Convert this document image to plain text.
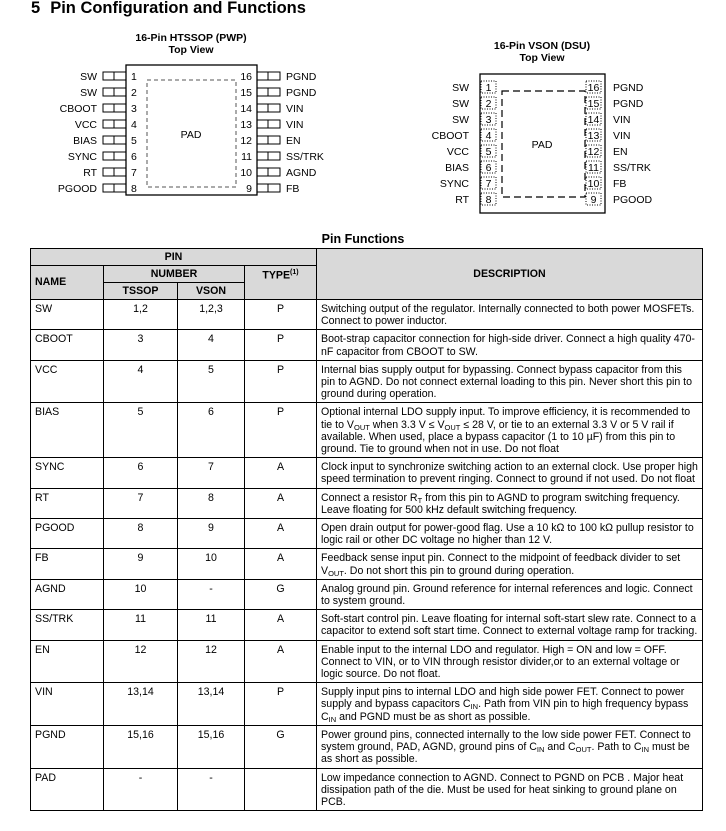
5 Pin Configuration and Functions
16-Pin HTSSOP (PWP)
Top View
PAD
1
SW
2
SW
3
CBOOT
4
VCC
5
BIAS
6
SYNC
7
RT
8
PGOOD
16	PGND
15	PGND
14	VIN
13	VIN
12	EN
11	SS/TRK
10	AGND
9	FB
16-Pin VSON (DSU)
Top View
PAD
1
SW
2
SW
3
SW
4
CBOOT
5
VCC
6
BIAS
7
SYNC
8
RT
16 PGND
15 PGND
14 VIN
13 VIN
12 EN
11 SS/TRK
10 FB
9 PGOOD
Pin Functions
PIN				DESCRIPTION
NAME	NUMBER		TYPE$^{(1)}$
	TSSOP	VSON		
SW	1,2	1,2,3	P	Switching output of the regulator. Internally connected to both power MOSFETs. Connect to power inductor.
CBOOT	3	4	P	Boot-strap capacitor connection for high-side driver. Connect a high quality 470-nF capacitor from CBOOT to SW.
VCC	4	5	P	Internal bias supply output for bypassing. Connect bypass capacitor from this pin to AGND. Do not connect external loading to this pin. Never short this pin to ground during operation.
BIAS	5	6	P	Optional internal LDO supply input. To improve efficiency, it is recommended to tie to $V_{OUT}$ when 3.3 $V \le V_{OUT} \le 28$ V, or tie to an external 3.3 V or 5 V rail if available. When used, place a bypass capacitor (1 to 10 µF) from this pin to ground. Tie to ground when not in use. Do not float
SYNC	6	7	A	Clock input to synchronize switching action to an external clock. Use proper high speed termination to prevent ringing. Connect to ground if not used. Do not float
RT	7	8	A	Connect a resistor $R_T$ from this pin to AGND to program switching frequency. Leave floating for 500 kHz default switching frequency.
PGOOD	8	9	A	Open drain output for power-good flag. Use a 10 kΩ to 100 kΩ pullup resistor to logic rail or other DC voltage no higher than 12 V.
FB	9	10	A	Feedback sense input pin. Connect to the midpoint of feedback divider to set $V_{OUT}$. Do not short this pin to ground during operation.
AGND	10	-	G	Analog ground pin. Ground reference for internal references and logic. Connect to system ground.
SS/TRK	11	11	A	Soft-start control pin. Leave floating for internal soft-start slew rate. Connect to a capacitor to extend soft start time. Connect to external voltage ramp for tracking.
EN	12	12	A	Enable input to the internal LDO and regulator. High = ON and low = OFF. Connect to VIN, or to VIN through resistor divider,or to an external voltage or logic source. Do not float.
VIN	13,14	13,14	P	Supply input pins to internal LDO and high side power FET. Connect to power supply and bypass capacitors $C_{IN}$. Path from VIN pin to high frequency bypass $C_{IN}$ and PGND must be as short as possible.
PGND	15,16	15,16	G	Power ground pins, connected internally to the low side power FET. Connect to system ground, PAD, AGND, ground pins of $C_{IN}$ and $C_{OUT}$. Path to $C_{IN}$ must be as short as possible.
PAD	-	-		Low impedance connection to AGND. Connect to PGND on PCB . Major heat dissipation path of the die. Must be used for heat sinking to ground plane on PCB.
